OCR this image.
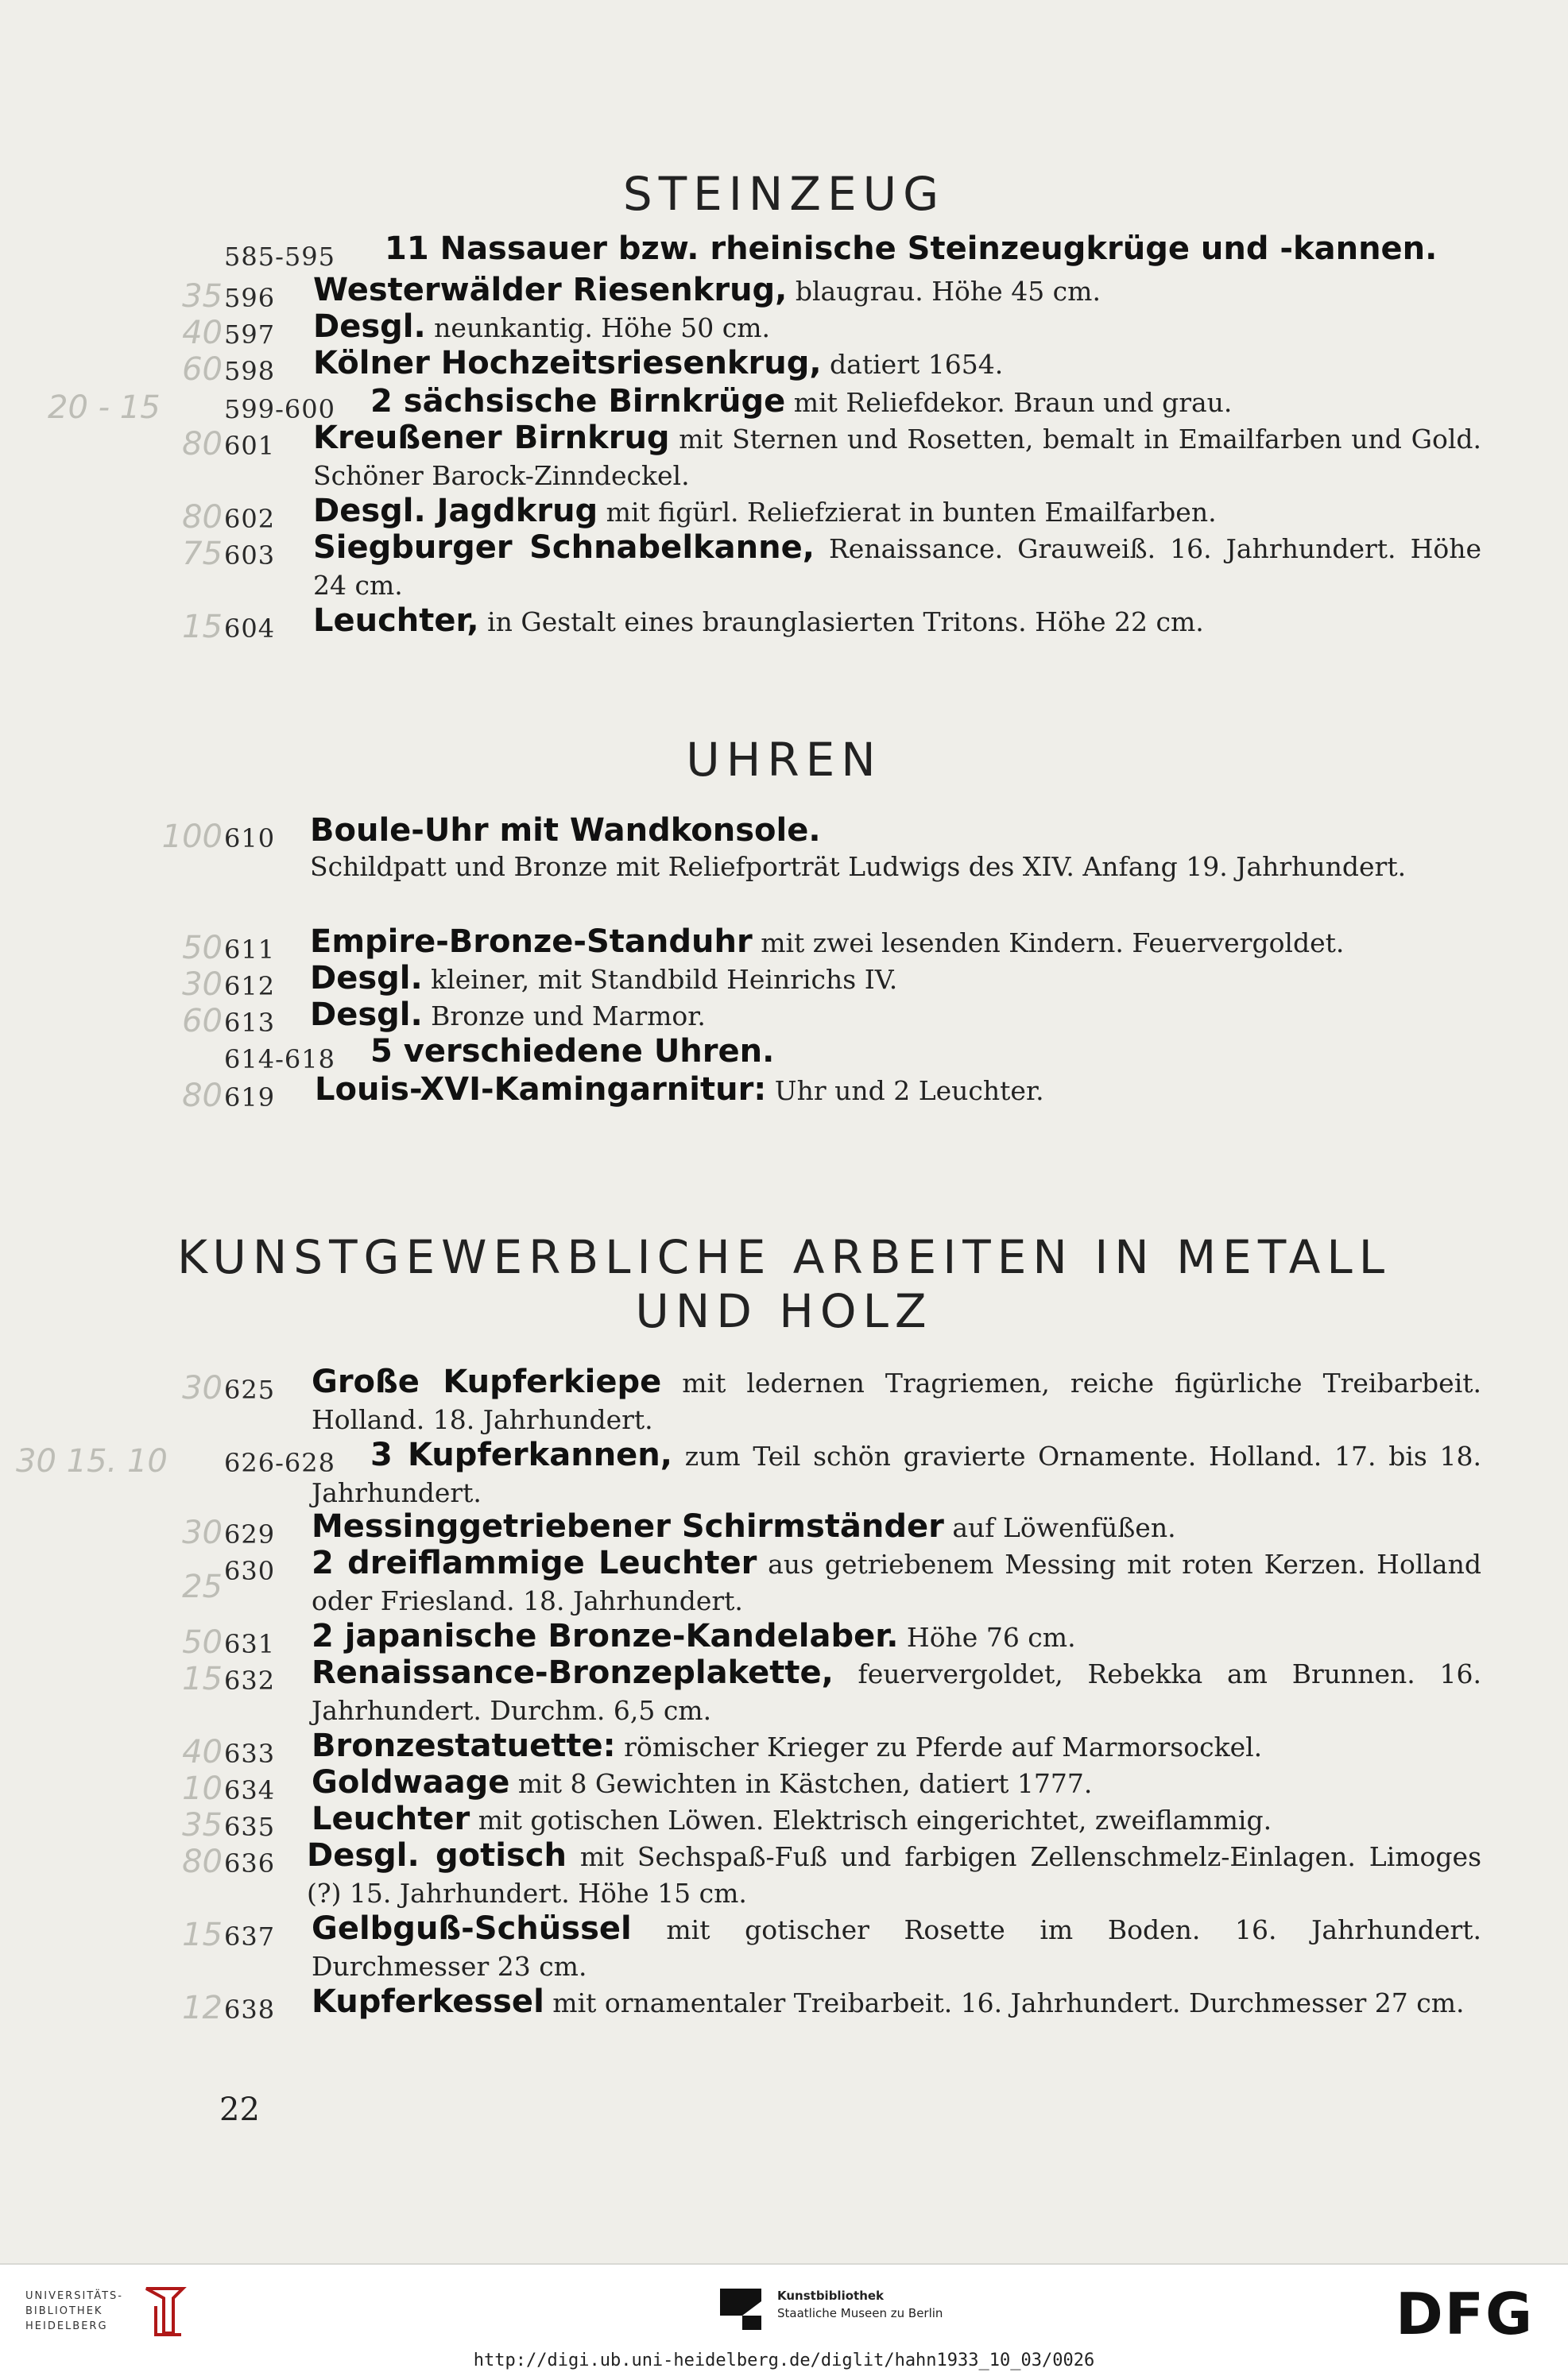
STEINZEUG
585-595 11 Nassauer bzw. rheinische Steinzeugkrüge und -kannen.
35 596 Westerwälder Riesenkrug, blaugrau. Höhe 45 cm.
40 597 Desgl. neunkantig. Höhe 50 cm.
60 598 Kölner Hochzeitsriesenkrug, datiert 1654.
20 - 15	599-600 2 sächsische Birnkrüge mit Reliefdekor. Braun und grau.
80 601 Kreußener Birnkrug mit Sternen und Rosetten, bemalt in Emailfarben und Gold. Schöner Barock-Zinndeckel.
80 602 Desgl. Jagdkrug mit figürl. Reliefzierat in bunten Emailfarben.
75 603 Siegburger Schnabelkanne, Renaissance. Grauweiß. 16. Jahrhundert. Höhe 24 cm.
15 604 Leuchter, in Gestalt eines braunglasierten Tritons. Höhe 22 cm.
UHREN
100 610 Boule-Uhr mit Wandkonsole.
Schildpatt und Bronze mit Reliefporträt Ludwigs des XIV. Anfang 19. Jahrhundert.
50 611 Empire-Bronze-Standuhr mit zwei lesenden Kindern. Feuervergoldet.
30 612 Desgl. kleiner, mit Standbild Heinrichs IV.
60 613 Desgl. Bronze und Marmor.
614-618 5 verschiedene Uhren.
80 619 Louis-XVI-Kamingarnitur: Uhr und 2 Leuchter.
KUNSTGEWERBLICHE ARBEITEN IN METALL
UND HOLZ
30 625 Große Kupferkiepe mit ledernen Tragriemen, reiche figürliche Treibarbeit. Holland. 18. Jahrhundert.
30 15. 10	626-628	3 Kupferkannen, zum Teil schön gravierte Ornamente. Holland. 17. bis 18. Jahrhundert.
30 629 Messinggetriebener Schirmständer auf Löwenfüßen.
25 630 2 dreiflammige Leuchter aus getriebenem Messing mit roten Kerzen. Holland oder Friesland. 18. Jahrhundert.
50 631 2 japanische Bronze-Kandelaber. Höhe 76 cm.
15 632 Renaissance-Bronzeplakette, feuervergoldet, Rebekka am Brunnen. 16. Jahrhundert. Durchm. 6,5 cm.
40 633 Bronzestatuette: römischer Krieger zu Pferde auf Marmorsockel.
10 634 Goldwaage mit 8 Gewichten in Kästchen, datiert 1777.
35 635 Leuchter mit gotischen Löwen. Elektrisch eingerichtet, zweiflammig.
80 636 Desgl. gotisch mit Sechspaß-Fuß und farbigen Zellenschmelz-Einlagen. Limoges (?) 15. Jahrhundert. Höhe 15 cm.
15 637 Gelbguß-Schüssel mit gotischer Rosette im Boden. 16. Jahrhundert. Durchmesser 23 cm.
12 638 Kupferkessel mit ornamentaler Treibarbeit. 16. Jahrhundert. Durchmesser 27 cm.
22
UNIVERSITÄTS- BIBLIOTHEK HEIDELBERG
Kunstbibliothek
Staatliche Museen zu Berlin	DFG
http://digi.ub.uni-heidelberg.de/diglit/hahn1933_10_03/0026
